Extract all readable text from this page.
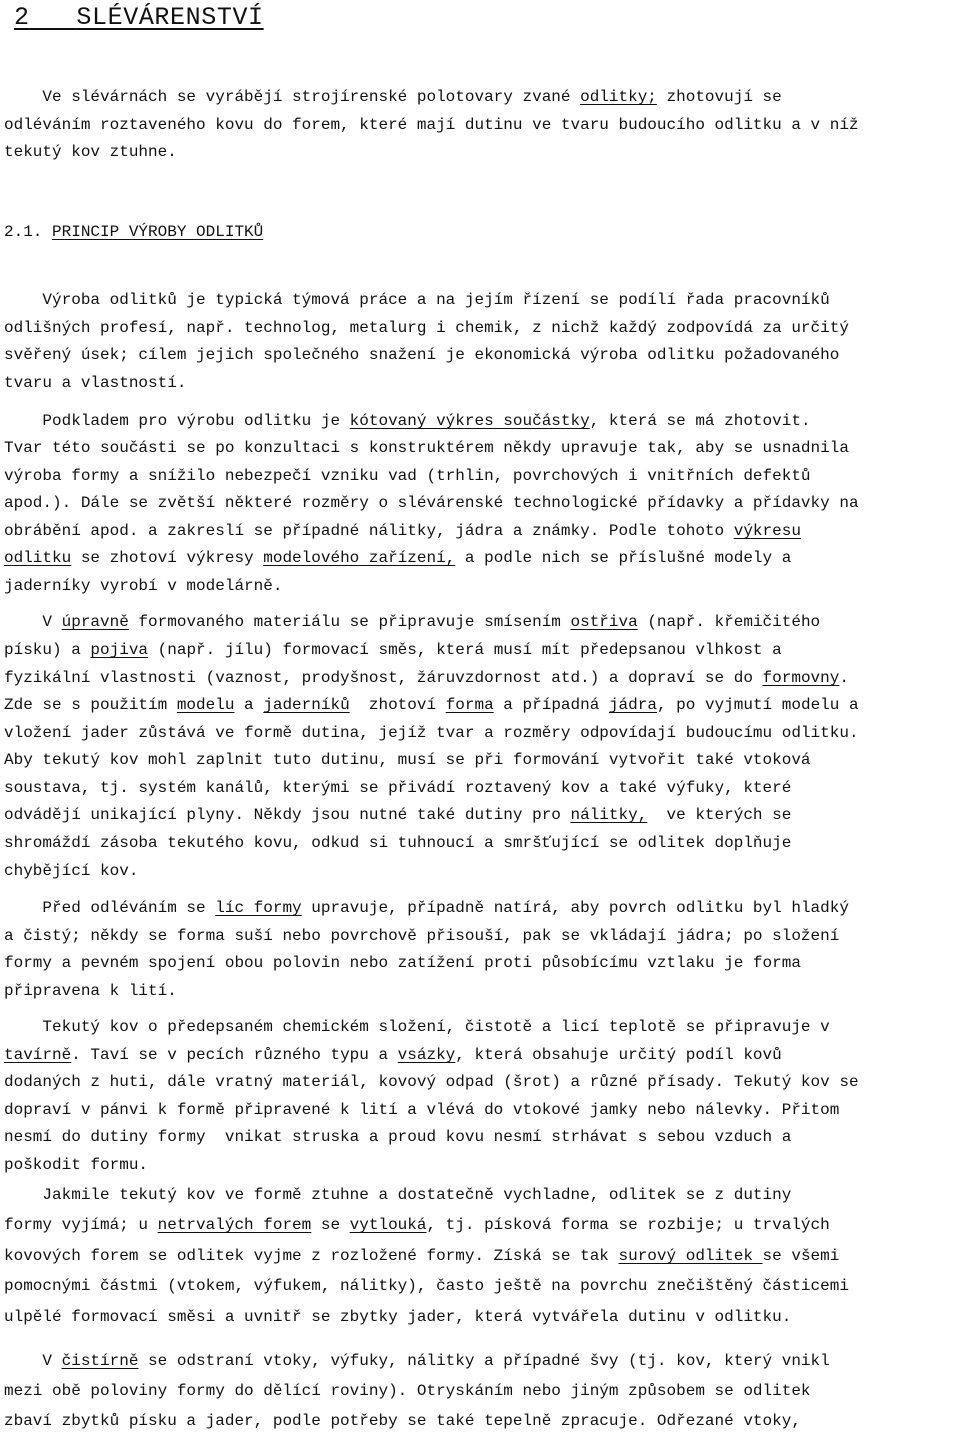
2 SLÉVÁRENSTVÍ
Ve slévárnách se vyrábějí strojírenské polotovary zvané odlitky; zhotovují se
odléváním roztaveného kovu do forem, které mají dutinu ve tvaru budoucího odlitku a v níž
tekutý kov ztuhne.
2.1. PRINCIP VÝROBY ODLITKŮ
Výroba odlitků je typická týmová práce a na jejím řízení se podílí řada pracovníků
odlišných profesí, např. technolog, metalurg i chemik, z nichž každý zodpovídá za určitý
svěřený úsek; cílem jejich společného snažení je ekonomická výroba odlitku požadovaného
tvaru a vlastností.
Podkladem pro výrobu odlitku je kótovaný výkres součástky, která se má zhotovit.
Tvar této součásti se po konzultaci s konstruktérem někdy upravuje tak, aby se usnadnila
výroba formy a snížilo nebezpečí vzniku vad (trhlin, povrchových i vnitřních defektů
apod.). Dále se zvětší některé rozměry o slévárenské technologické přídavky a přídavky na
obrábění apod. a zakreslí se případné nálitky, jádra a známky. Podle tohoto výkresu
odlitku se zhotoví výkresy modelového zařízení, a podle nich se příslušné modely a
jaderníky vyrobí v modelárně.
V úpravně formovaného materiálu se připravuje smísením ostřiva (např. křemičitého
písku) a pojiva (např. jílu) formovací směs, která musí mít předepsanou vlhkost a
fyzikální vlastnosti (vaznost, prodyšnost, žáruvzdornost atd.) a dopraví se do formovny.
Zde se s použitím modelu a jaderníků  zhotoví forma a případná jádra, po vyjmutí modelu a
vložení jader zůstává ve formě dutina, jejíž tvar a rozměry odpovídají budoucímu odlitku.
Aby tekutý kov mohl zaplnit tuto dutinu, musí se při formování vytvořit také vtoková
soustava, tj. systém kanálů, kterými se přivádí roztavený kov a také výfuky, které
odvádějí unikající plyny. Někdy jsou nutné také dutiny pro nálitky,  ve kterých se
shromáždí zásoba tekutého kovu, odkud si tuhnoucí a smršťující se odlitek doplňuje
chybějící kov.
Před odléváním se líc formy upravuje, případně natírá, aby povrch odlitku byl hladký
a čistý; někdy se forma suší nebo povrchově přisouší, pak se vkládají jádra; po složení
formy a pevném spojení obou polovin nebo zatížení proti působícímu vztlaku je forma
připravena k lití.
Tekutý kov o předepsaném chemickém složení, čistotě a licí teplotě se připravuje v
tavírně. Taví se v pecích různého typu a vsázky, která obsahuje určitý podíl kovů
dodaných z huti, dále vratný materiál, kovový odpad (šrot) a různé přísady. Tekutý kov se
dopraví v pánvi k formě připravené k lití a vlévá do vtokové jamky nebo nálevky. Přitom
nesmí do dutiny formy  vnikat struska a proud kovu nesmí strhávat s sebou vzduch a
poškodit formu.
Jakmile tekutý kov ve formě ztuhne a dostatečně vychladne, odlitek se z dutiny
formy vyjímá; u netrvalých forem se vytlouká, tj. písková forma se rozbije; u trvalých
kovových forem se odlitek vyjme z rozložené formy. Získá se tak surový odlitek se všemi
pomocnými částmi (vtokem, výfukem, nálitky), často ještě na povrchu znečištěný částicemi
ulpělé formovací směsi a uvnitř se zbytky jader, která vytvářela dutinu v odlitku.
V čistírně se odstraní vtoky, výfuky, nálitky a případné švy (tj. kov, který vnikl
mezi obě poloviny formy do dělící roviny). Otryskáním nebo jiným způsobem se odlitek
zbaví zbytků písku a jader, podle potřeby se také tepelně zpracuje. Odřezané vtoky,
